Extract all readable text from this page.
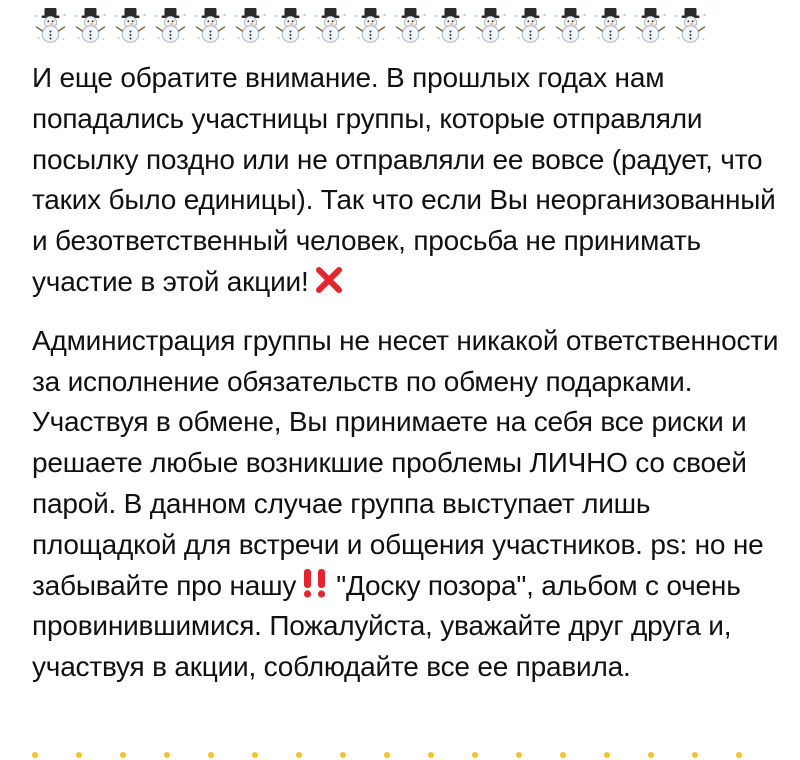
И еще обратите внимание. В прошлых годах нам попадались участницы группы, которые отправляли посылку поздно или не отправляли ее вовсе (радует, что таких было единицы). Так что если Вы неорганизованный и безответственный человек, просьба не принимать участие в этой акции!

Администрация группы не несет никакой ответственности за исполнение обязательств по обмену подарками. Участвуя в обмене, Вы принимаете на себя все риски и решаете любые возникшие проблемы ЛИЧНО со своей парой. В данном случае группа выступает лишь площадкой для встречи и общения участников. ps: но не забывайте про нашу "Доску позора", альбом с очень провинившимися. Пожалуйста, уважайте друг друга и, участвуя в акции, соблюдайте все ее правила.
